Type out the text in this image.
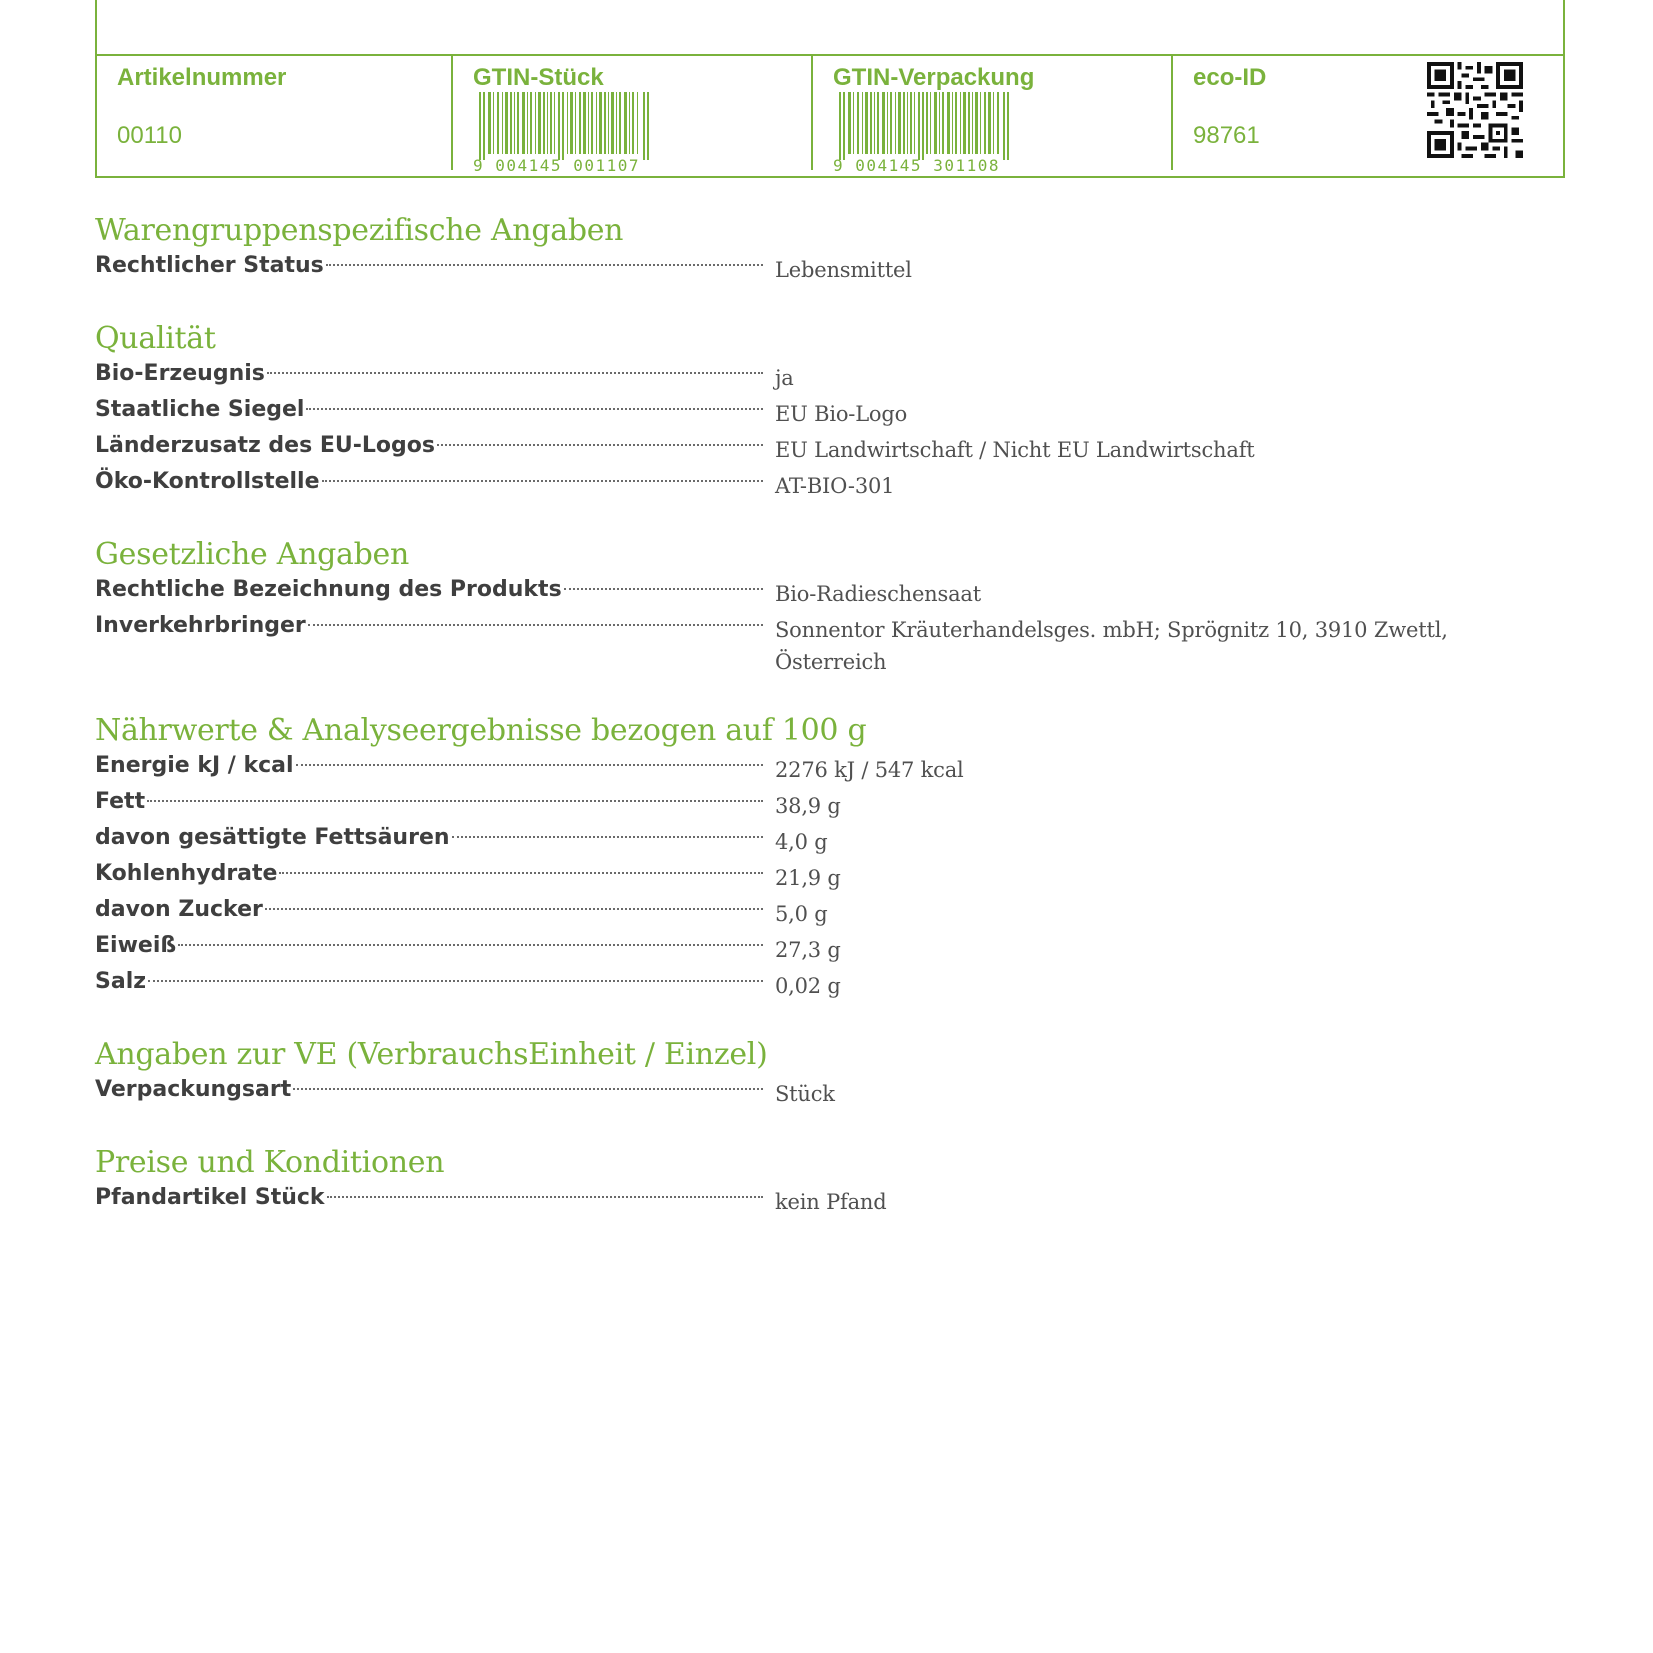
Artikelnummer
00110
GTIN-Stück
9 004145 001107
GTIN-Verpackung
9 004145 301108
eco-ID
98761
Warengruppenspezifische Angaben
Rechtlicher Status	Lebensmittel
Qualität
Bio-Erzeugnis	ja
Staatliche Siegel	EU Bio-Logo
Länderzusatz des EU-Logos	EU Landwirtschaft / Nicht EU Landwirtschaft
Öko-Kontrollstelle	AT-BIO-301
Gesetzliche Angaben
Rechtliche Bezeichnung des Produkts	Bio-Radieschensaat
Inverkehrbringer	Sonnentor Kräuterhandelsges. mbH; Sprögnitz 10, 3910 Zwettl, Österreich
Nährwerte & Analyseergebnisse bezogen auf 100 g
Energie kJ / kcal	2276 kJ / 547 kcal
Fett	38,9 g
davon gesättigte Fettsäuren	4,0 g
Kohlenhydrate	21,9 g
davon Zucker	5,0 g
Eiweiß	27,3 g
Salz	0,02 g
Angaben zur VE (VerbrauchsEinheit / Einzel)
Verpackungsart	Stück
Preise und Konditionen
Pfandartikel Stück	kein Pfand
